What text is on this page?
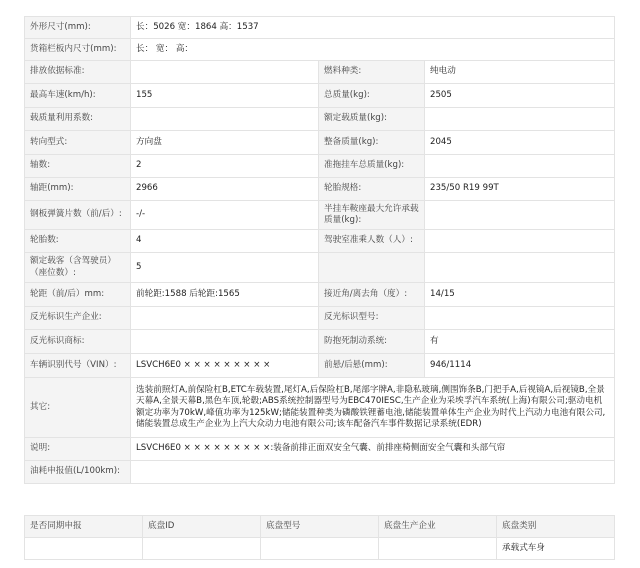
外形尺寸(mm):	长：5026 宽：1864 高：1537		
货箱栏板内尺寸(mm):	长： 宽： 高：		
排放依据标准:		燃料种类:	纯电动
最高车速(km/h):	155	总质量(kg):	2505
载质量利用系数:		额定载质量(kg):	
转向型式:	方向盘	整备质量(kg):	2045
轴数:	2	准拖挂车总质量(kg):	
轴距(mm):	2966	轮胎规格:	235/50 R19 99T
钢板弹簧片数（前/后）:	-/-	半挂车鞍座最大允许承载质量(kg):	
轮胎数:	4	驾驶室准乘人数（人）:	
额定载客（含驾驶员）（座位数）:	5		
轮距（前/后）mm:	前轮距:1588 后轮距:1565	接近角/离去角（度）:	14/15
反光标识生产企业:		反光标识型号:	
反光标识商标:		防抱死制动系统:	有
车辆识别代号（VIN）:	LSVCH6E0 × × × × × × × × ×	前悬/后悬(mm):	946/1114
其它:	选装前照灯A,前保险杠B,ETC车载装置,尾灯A,后保险杠B,尾部字牌A,非隐私玻璃,侧围饰条B,门把手A,后视镜A,后视镜B,全景天幕A,全景天幕B,黑色车顶,轮毂;ABS系统控制器型号为EBC470IESC,生产企业为采埃孚汽车系统(上海)有限公司;驱动电机额定功率为70kW,峰值功率为125kW;储能装置种类为磷酸铁锂蓄电池,储能装置单体生产企业为时代上汽动力电池有限公司,储能装置总成生产企业为上汽大众动力电池有限公司;该车配备汽车事件数据记录系统(EDR)		
说明:	LSVCH6E0 × × × × × × × × ×:装备前排正面双安全气囊、前排座椅侧面安全气囊和头部气帘		
油耗申报值(L/100km):			
是否同期申报	底盘ID	底盘型号	底盘生产企业	底盘类别
				承载式车身
